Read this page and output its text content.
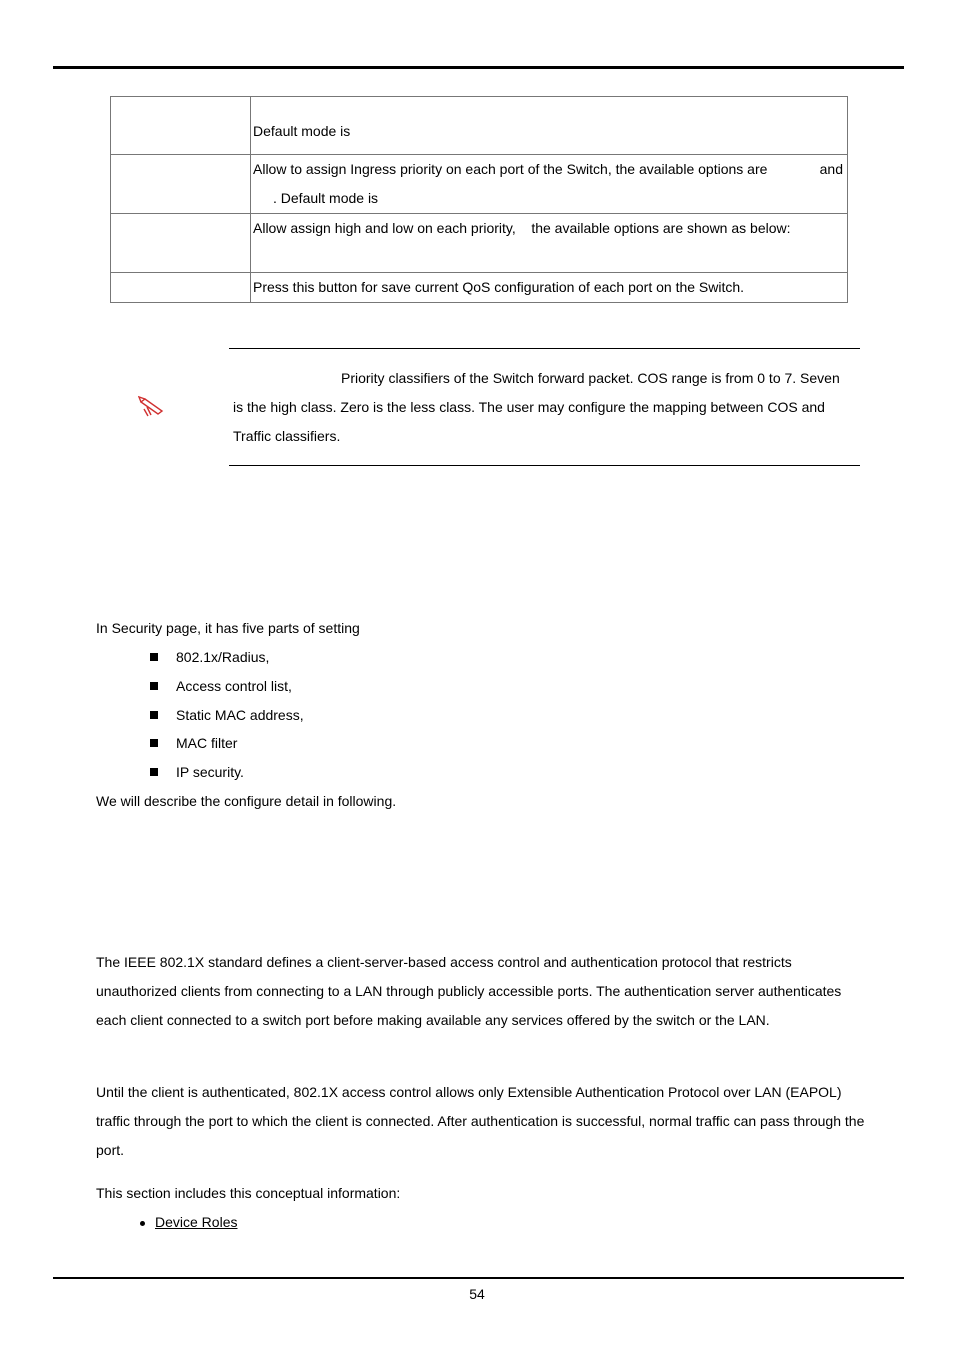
	Default mode is

	Allow to assign Ingress priority on each port of the Switch, the available options are and
. Default mode is

	Allow assign high and low on each priority,    the available options are shown as below:

	Press this button for save current QoS configuration of each port on the Switch.
Priority classifiers of the Switch forward packet. COS range is from 0 to 7. Seven
is the high class. Zero is the less class. The user may configure the mapping between COS and
Traffic classifiers.
In Security page, it has five parts of setting
802.1x/Radius,
Access control list,
Static MAC address,
MAC filter
IP security.
We will describe the configure detail in following.
The IEEE 802.1X standard defines a client-server-based access control and authentication protocol that restricts unauthorized clients from connecting to a LAN through publicly accessible ports. The authentication server authenticates each client connected to a switch port before making available any services offered by the switch or the LAN.
Until the client is authenticated, 802.1X access control allows only Extensible Authentication Protocol over LAN (EAPOL) traffic through the port to which the client is connected. After authentication is successful, normal traffic can pass through the port.
This section includes this conceptual information:
Device Roles
54
